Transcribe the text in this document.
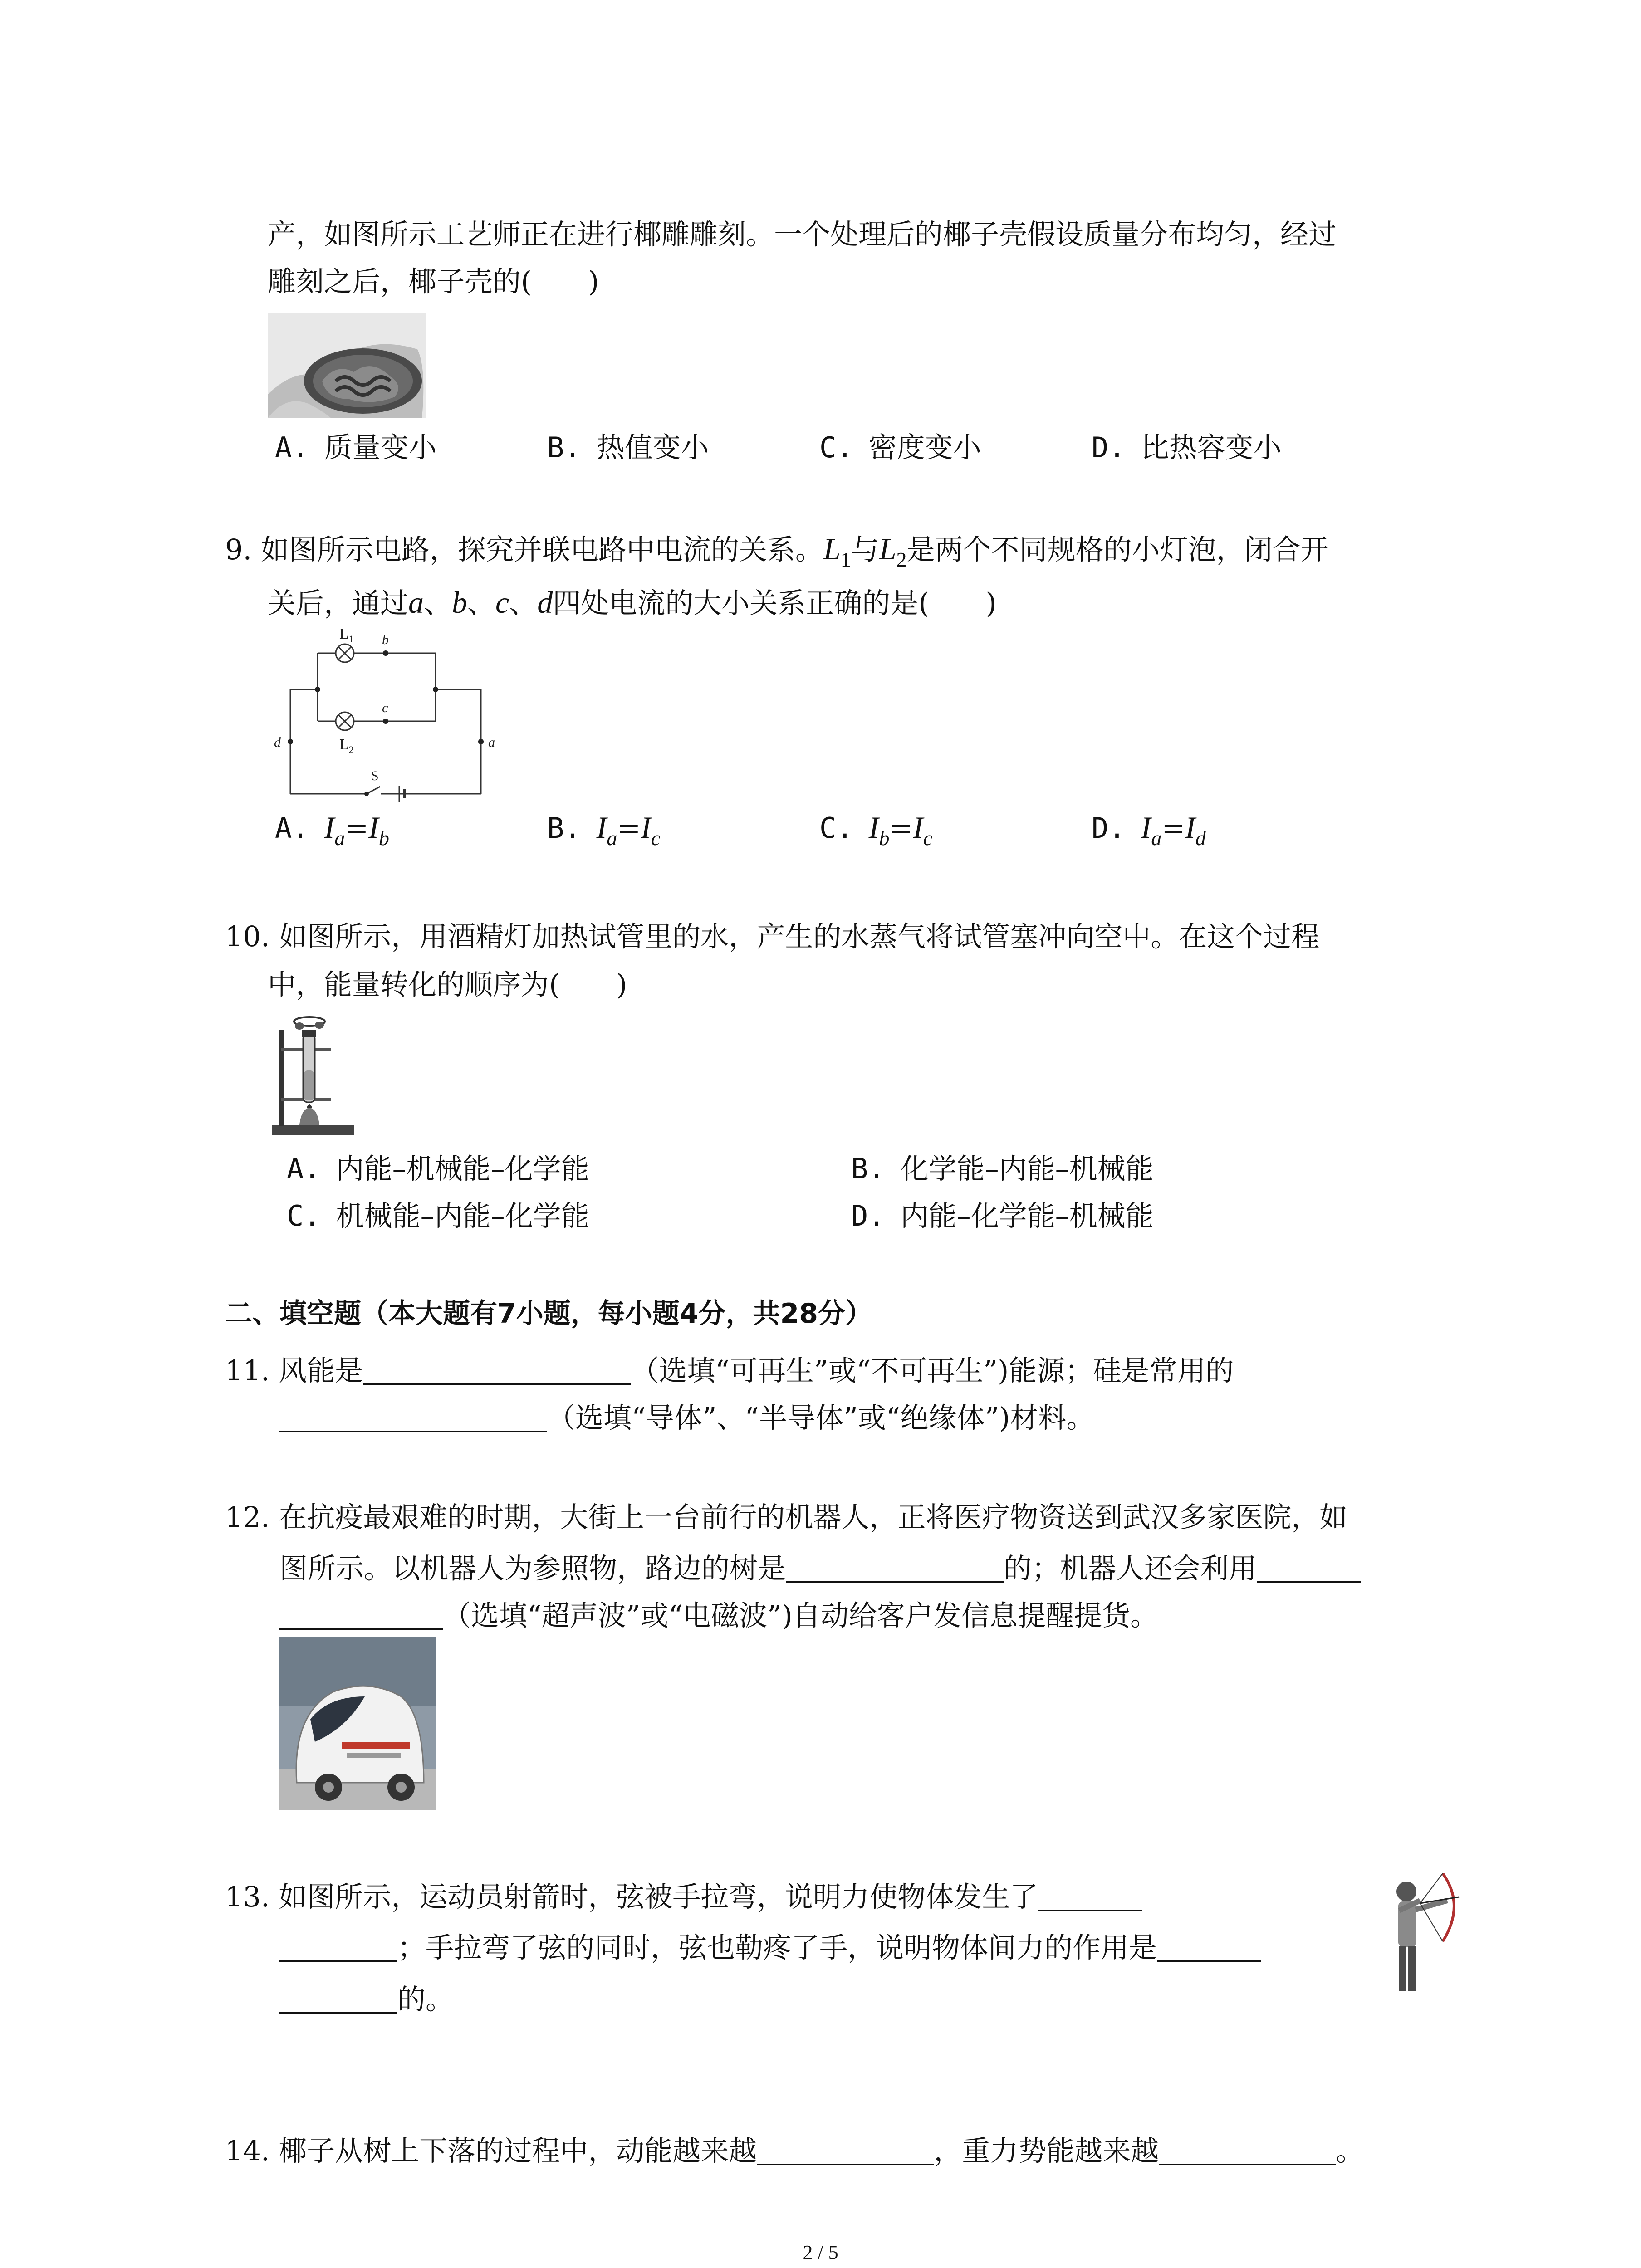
产，如图所示工艺师正在进行椰雕雕刻。一个处理后的椰子壳假设质量分布均匀，经过
雕刻之后，椰子壳的(　　)
A. 质量变小	B. 热值变小	C. 密度变小	D. 比热容变小
9. 如图所示电路，探究并联电路中电流的关系。$L_1$与$L_2$是两个不同规格的小灯泡，闭合开
关后，通过a、b、c、d四处电流的大小关系正确的是(　　)
$L_1$
$L_2$
b
c
d	a
S
A. $I_a=I_b$	B. $I_a=I_c$	C. $I_b=I_c$	D. $I_a=I_d$
10. 如图所示，用酒精灯加热试管里的水，产生的水蒸气将试管塞冲向空中。在这个过程
中，能量转化的顺序为(　　)
A. 内能–机械能–化学能	B. 化学能–内能–机械能
C. 机械能–内能–化学能	D. 内能–化学能–机械能
二、填空题（本大题有7小题，每小题4分，共28分）
11. 风能是	（选填“可再生”或“不可再生”)能源；硅是常用的
（选填“导体”、“半导体”或“绝缘体”)材料。
12. 在抗疫最艰难的时期，大街上一台前行的机器人，正将医疗物资送到武汉多家医院，如
图所示。以机器人为参照物，路边的树是	的；机器人还会利用
（选填“超声波”或“电磁波”)自动给客户发信息提醒提货。
13. 如图所示，运动员射箭时，弦被手拉弯，说明力使物体发生了
；手拉弯了弦的同时，弦也勒疼了手，说明物体间力的作用是
的。
14. 椰子从树上下落的过程中，动能越来越	，重力势能越来越	。
2 / 5
